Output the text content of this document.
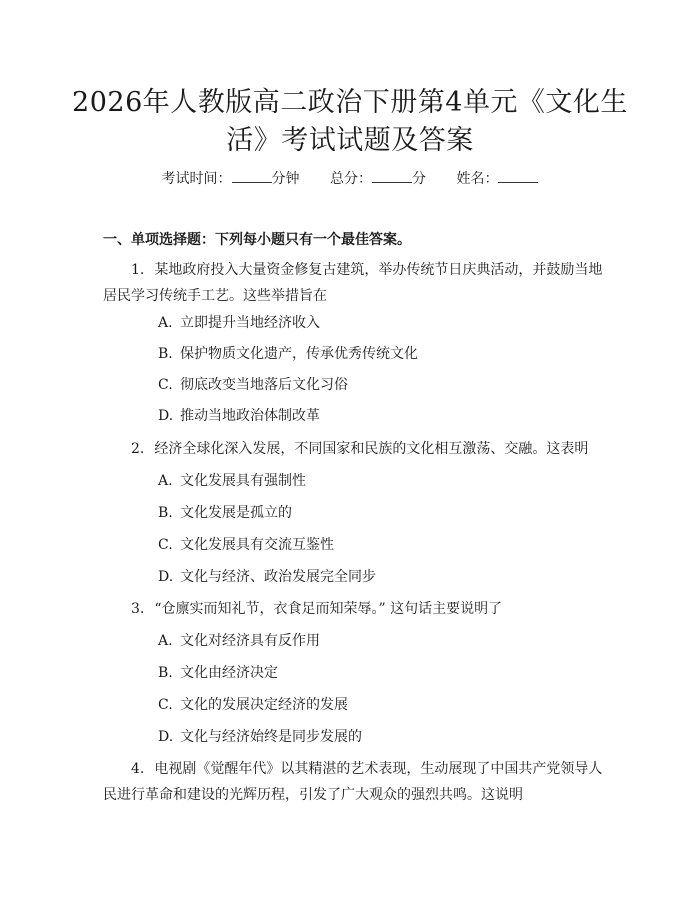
2026年人教版高二政治下册第4单元《文化生活》考试试题及答案
考试时间：	分钟 总分：	分 姓名：
一、单项选择题：下列每小题只有一个最佳答案。

1. 某地政府投入大量资金修复古建筑，举办传统节日庆典活动，并鼓励当地居民学习传统手工艺。这些举措旨在

A. 立即提升当地经济收入
B. 保护物质文化遗产，传承优秀传统文化
C. 彻底改变当地落后文化习俗
D. 推动当地政治体制改革

2. 经济全球化深入发展，不同国家和民族的文化相互激荡、交融。这表明

A. 文化发展具有强制性
B. 文化发展是孤立的
C. 文化发展具有交流互鉴性
D. 文化与经济、政治发展完全同步

3. “仓廪实而知礼节，衣食足而知荣辱。” 这句话主要说明了

A. 文化对经济具有反作用
B. 文化由经济决定
C. 文化的发展决定经济的发展
D. 文化与经济始终是同步发展的

4. 电视剧《觉醒年代》以其精湛的艺术表现，生动展现了中国共产党领导人民进行革命和建设的光辉历程，引发了广大观众的强烈共鸣。这说明
